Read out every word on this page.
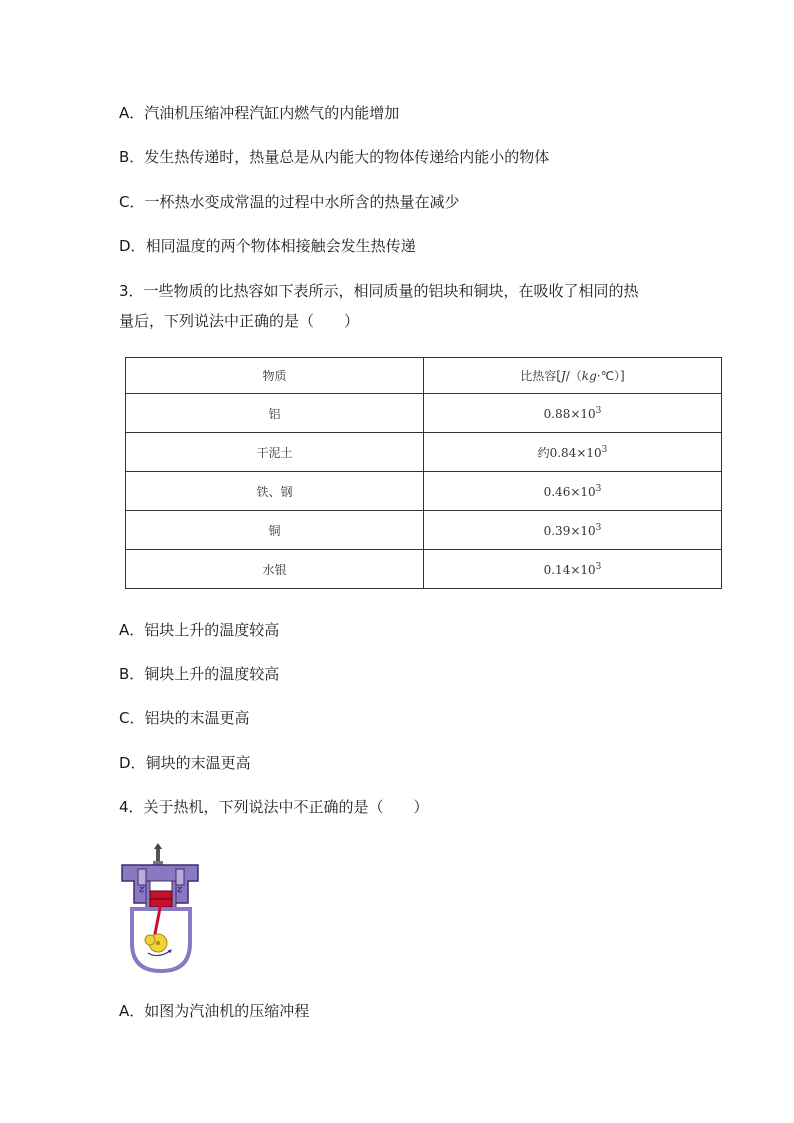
A．汽油机压缩冲程汽缸内燃气的内能增加
B．发生热传递时，热量总是从内能大的物体传递给内能小的物体
C．一杯热水变成常温的过程中水所含的热量在减少
D．相同温度的两个物体相接触会发生热传递
3．一些物质的比热容如下表所示，相同质量的铝块和铜块，在吸收了相同的热
量后，下列说法中正确的是（　　）
物质	比热容[J/（kg·℃）]
铝	$0.88\times 10^3$
干泥土	约$0.84\times 10^3$
铁、钢	$0.46\times 10^3$
铜	$0.39\times 10^3$
水银	$0.14\times 10^3$
A．铝块上升的温度较高
B．铜块上升的温度较高
C．铝块的末温更高
D．铜块的末温更高
4．关于热机，下列说法中不正确的是（　　）
A．如图为汽油机的压缩冲程
